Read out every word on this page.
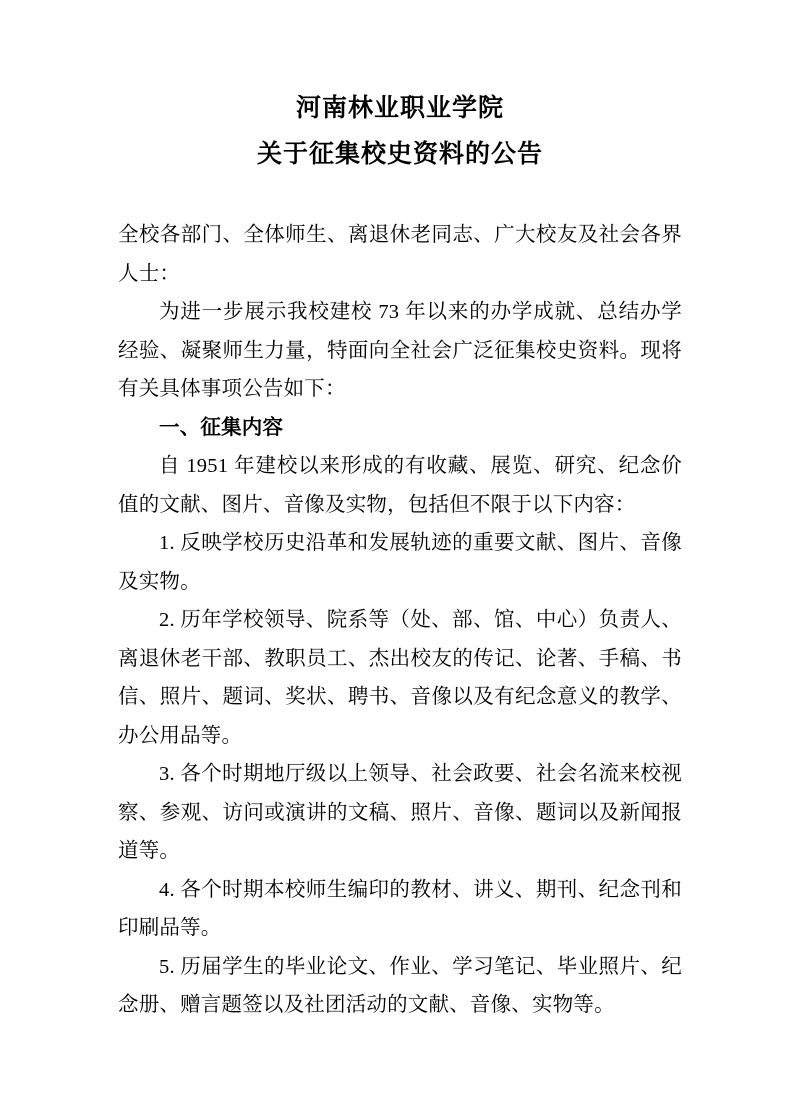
河南林业职业学院
关于征集校史资料的公告

全校各部门、全体师生、离退休老同志、广大校友及社会各界人士：

为进一步展示我校建校 73 年以来的办学成就、总结办学经验、凝聚师生力量，特面向全社会广泛征集校史资料。现将有关具体事项公告如下：

一、征集内容

自 1951 年建校以来形成的有收藏、展览、研究、纪念价值的文献、图片、音像及实物，包括但不限于以下内容：

1. 反映学校历史沿革和发展轨迹的重要文献、图片、音像及实物。

2. 历年学校领导、院系等（处、部、馆、中心）负责人、离退休老干部、教职员工、杰出校友的传记、论著、手稿、书信、照片、题词、奖状、聘书、音像以及有纪念意义的教学、办公用品等。

3. 各个时期地厅级以上领导、社会政要、社会名流来校视察、参观、访问或演讲的文稿、照片、音像、题词以及新闻报道等。

4. 各个时期本校师生编印的教材、讲义、期刊、纪念刊和印刷品等。

5. 历届学生的毕业论文、作业、学习笔记、毕业照片、纪念册、赠言题签以及社团活动的文献、音像、实物等。
